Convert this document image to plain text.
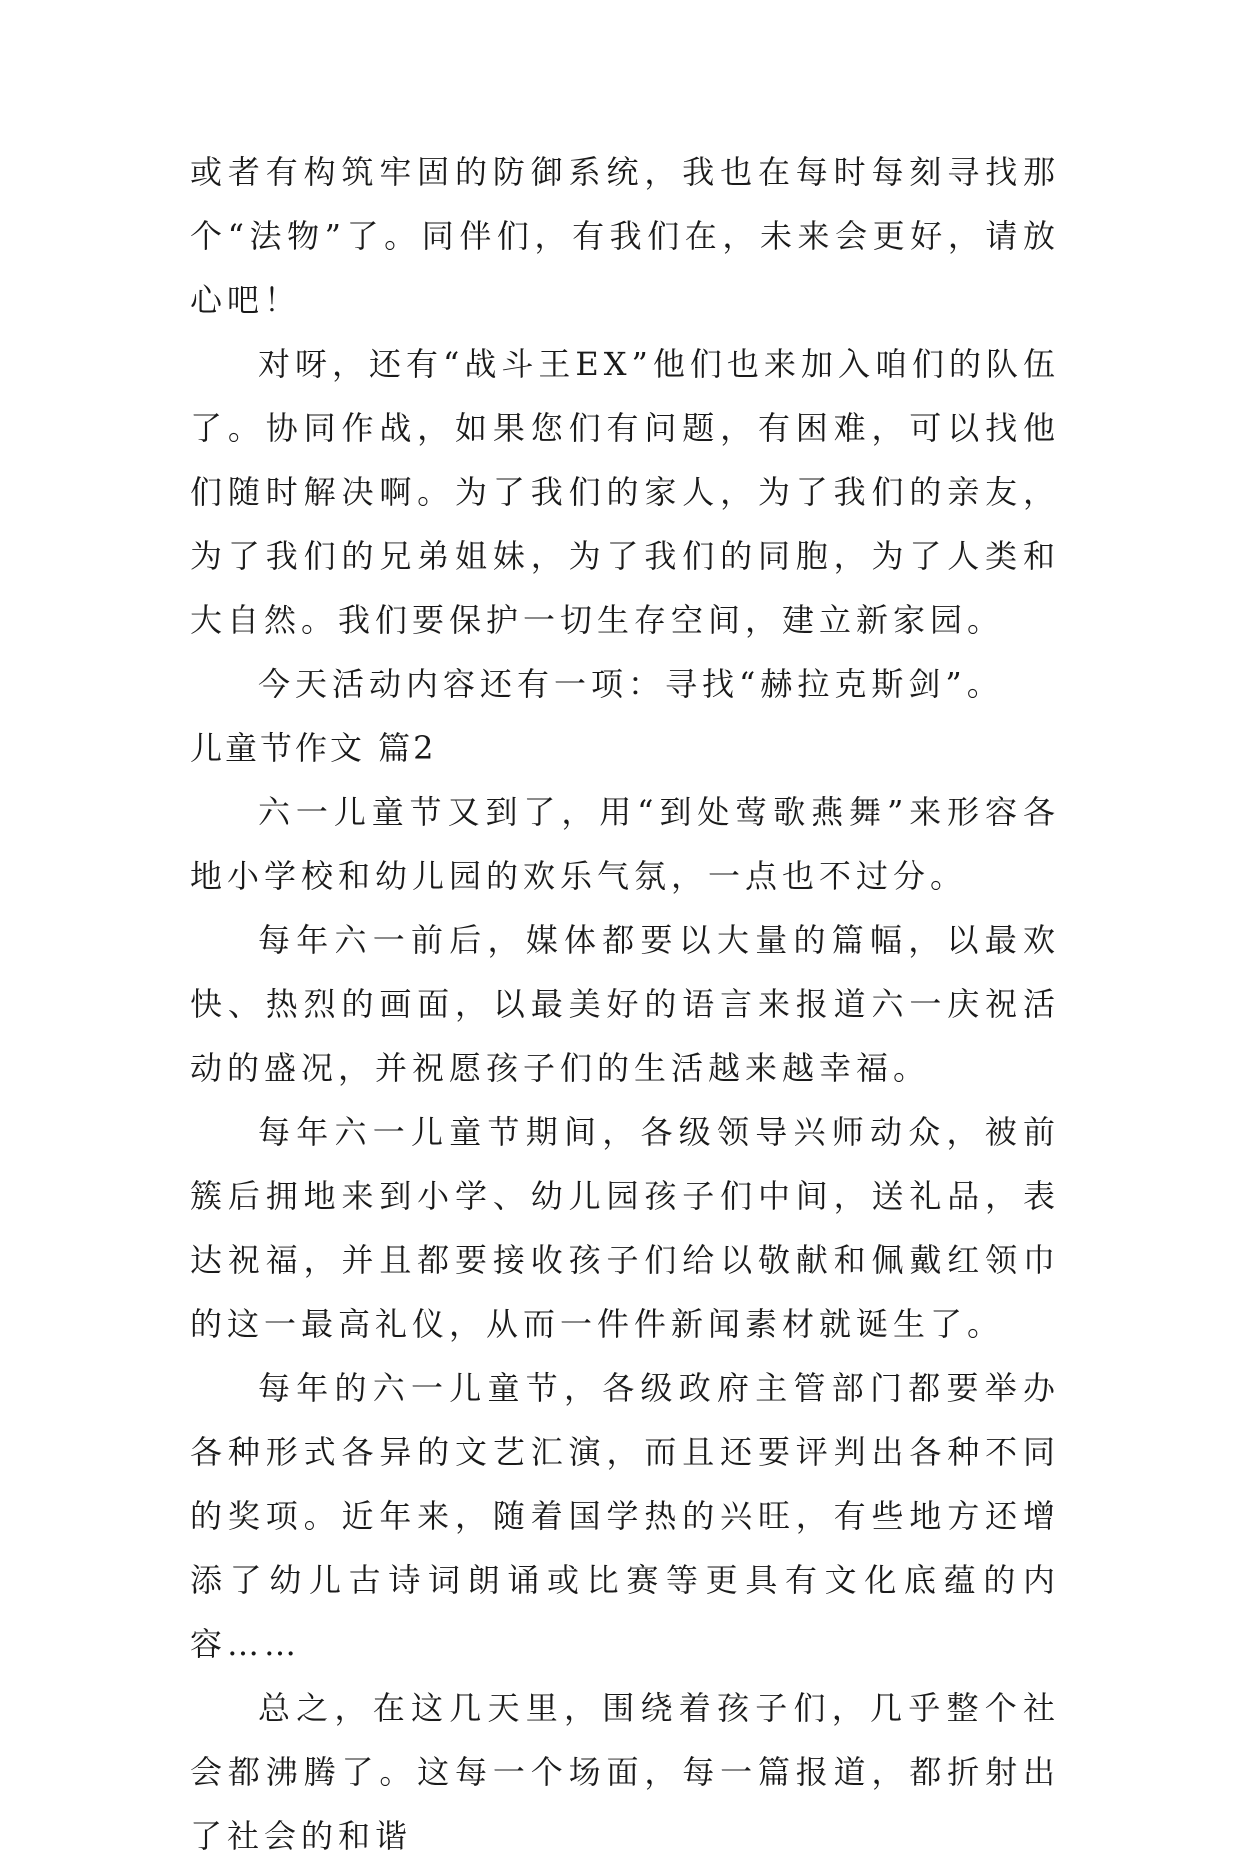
或者有构筑牢固的防御系统，我也在每时每刻寻找那个“法物”了。同伴们，有我们在，未来会更好，请放心吧！

对呀，还有“战斗王EX”他们也来加入咱们的队伍了。协同作战，如果您们有问题，有困难，可以找他们随时解决啊。为了我们的家人，为了我们的亲友，为了我们的兄弟姐妹，为了我们的同胞，为了人类和大自然。我们要保护一切生存空间，建立新家园。

今天活动内容还有一项：寻找“赫拉克斯剑”。

儿童节作文 篇2

六一儿童节又到了，用“到处莺歌燕舞”来形容各地小学校和幼儿园的欢乐气氛，一点也不过分。

每年六一前后，媒体都要以大量的篇幅，以最欢快、热烈的画面，以最美好的语言来报道六一庆祝活动的盛况，并祝愿孩子们的生活越来越幸福。

每年六一儿童节期间，各级领导兴师动众，被前簇后拥地来到小学、幼儿园孩子们中间，送礼品，表达祝福，并且都要接收孩子们给以敬献和佩戴红领巾的这一最高礼仪，从而一件件新闻素材就诞生了。

每年的六一儿童节，各级政府主管部门都要举办各种形式各异的文艺汇演，而且还要评判出各种不同的奖项。近年来，随着国学热的兴旺，有些地方还增添了幼儿古诗词朗诵或比赛等更具有文化底蕴的内容……

总之，在这几天里，围绕着孩子们，几乎整个社会都沸腾了。这每一个场面，每一篇报道，都折射出了社会的和谐
